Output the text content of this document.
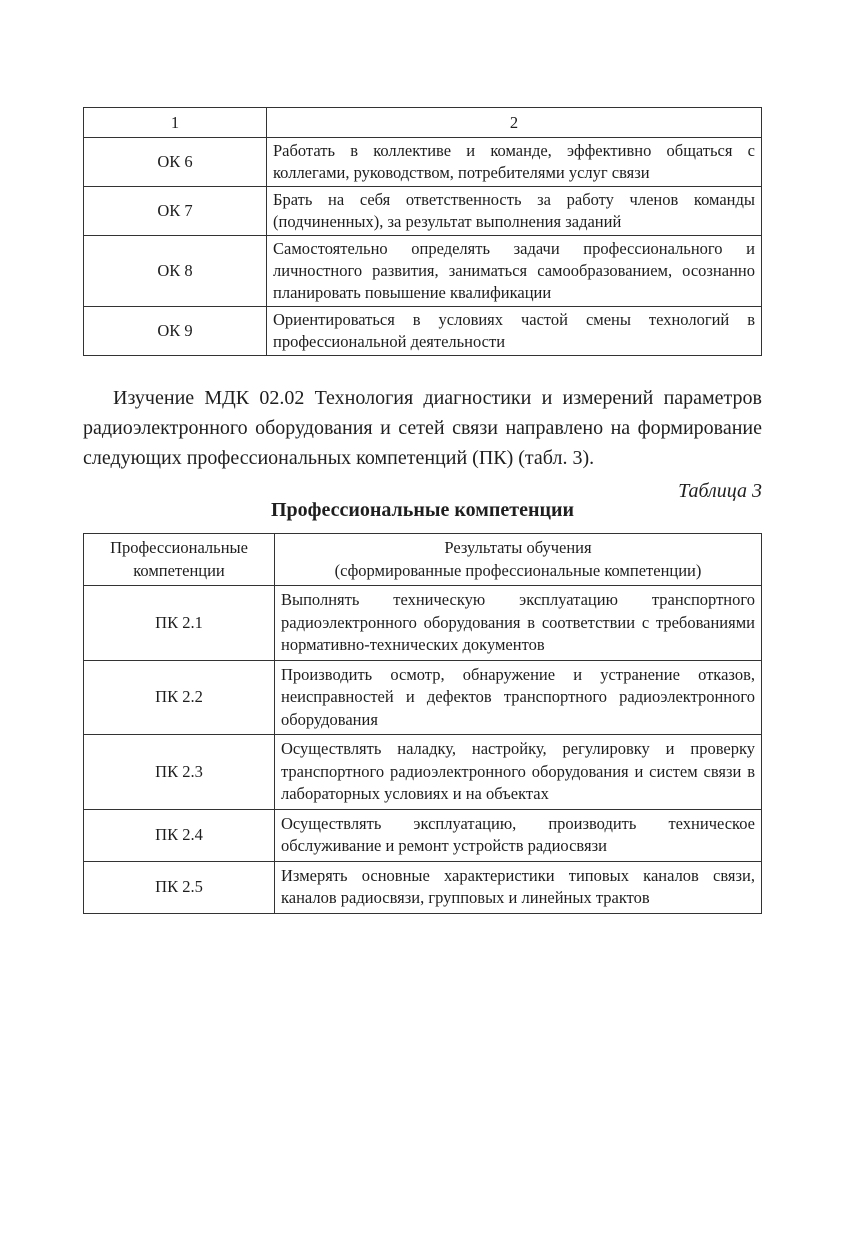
1	2
ОК 6	Работать в коллективе и команде, эффективно общаться с коллегами, руководством, потребителями услуг связи
ОК 7	Брать на себя ответственность за работу членов команды (подчиненных), за результат выполнения заданий
ОК 8	Самостоятельно определять задачи профессионального и личностного развития, заниматься самообразованием, осознанно планировать повышение квалификации
ОК 9	Ориентироваться в условиях частой смены технологий в профессиональной деятельности

Изучение МДК 02.02 Технология диагностики и измерений параметров радиоэлектронного оборудования и сетей связи направлено на формирование следующих профессиональных компетенций (ПК) (табл. 3).

Таблица 3
Профессиональные компетенции
Профессиональные компетенции	Результаты обучения
(сформированные профессиональные компетенции)

ПК 2.1	Выполнять техническую эксплуатацию транспортного радиоэлектронного оборудования в соответствии с требованиями нормативно-технических документов
ПК 2.2	Производить осмотр, обнаружение и устранение отказов, неисправностей и дефектов транспортного радиоэлектронного оборудования
ПК 2.3	Осуществлять наладку, настройку, регулировку и проверку транспортного радиоэлектронного оборудования и систем связи в лабораторных условиях и на объектах
ПК 2.4	Осуществлять эксплуатацию, производить техническое обслуживание и ремонт устройств радиосвязи
ПК 2.5	Измерять основные характеристики типовых каналов связи, каналов радиосвязи, групповых и линейных трактов
